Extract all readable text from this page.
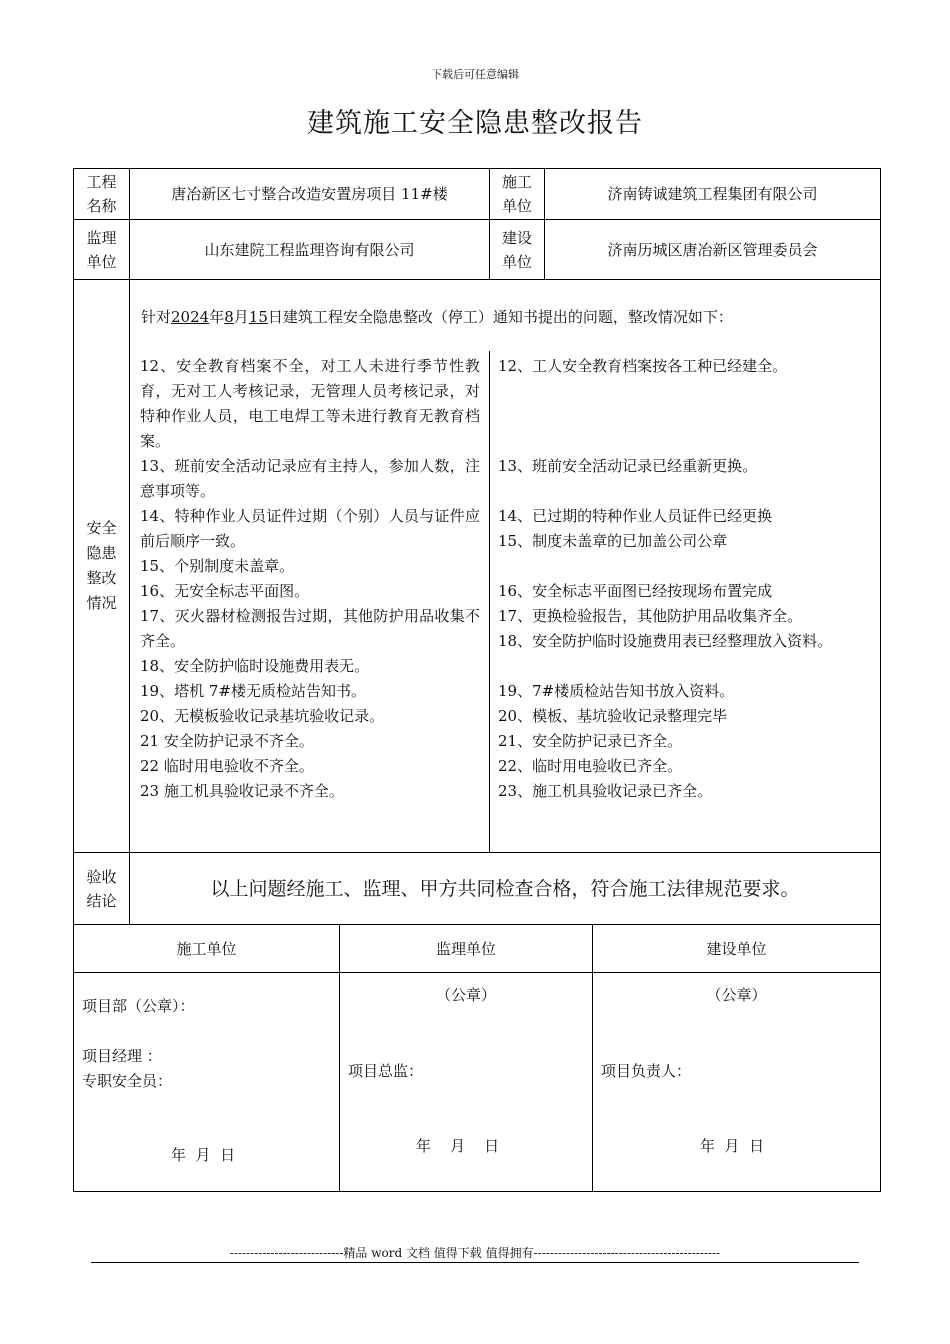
下载后可任意编辑
建筑施工安全隐患整改报告
工程
名称
唐冶新区七寸整合改造安置房项目 11#楼
施工
单位
济南铸诚建筑工程集团有限公司
监理
单位
山东建院工程监理咨询有限公司
建设
单位
济南历城区唐冶新区管理委员会
安全
隐患
整改
情况
针对2024年8月15日建筑工程安全隐患整改（停工）通知书提出的问题，整改情况如下：
12、安全教育档案不全，对工人未进行季节性教育，无对工人考核记录，无管理人员考核记录，对特种作业人员，电工电焊工等未进行教育无教育档案。
13、班前安全活动记录应有主持人，参加人数，注意事项等。
14、特种作业人员证件过期（个别）人员与证件应前后顺序一致。
15、个别制度未盖章。
16、无安全标志平面图。
17、灭火器材检测报告过期，其他防护用品收集不齐全。
18、安全防护临时设施费用表无。
19、塔机 7#楼无质检站告知书。
20、无模板验收记录基坑验收记录。
21 安全防护记录不齐全。
22 临时用电验收不齐全。
23 施工机具验收记录不齐全。
12、工人安全教育档案按各工种已经建全。
13、班前安全活动记录已经重新更换。
14、已过期的特种作业人员证件已经更换
15、制度未盖章的已加盖公司公章
16、安全标志平面图已经按现场布置完成
17、更换检验报告，其他防护用品收集齐全。
18、安全防护临时设施费用表已经整理放入资料。
19、7#楼质检站告知书放入资料。
20、模板、基坑验收记录整理完毕
21、安全防护记录已齐全。
22、临时用电验收已齐全。
23、施工机具验收记录已齐全。
验收
结论
以上问题经施工、监理、甲方共同检查合格，符合施工法律规范要求。
施工单位	监理单位	建设单位
项目部（公章）：
项目经理 ：
专职安全员：
年  月  日
（公章）
项目总监：
年    月    日
（公章）
项目负责人：
年  月  日
----------------------------精品 word 文档 值得下载 值得拥有----------------------------------------------
